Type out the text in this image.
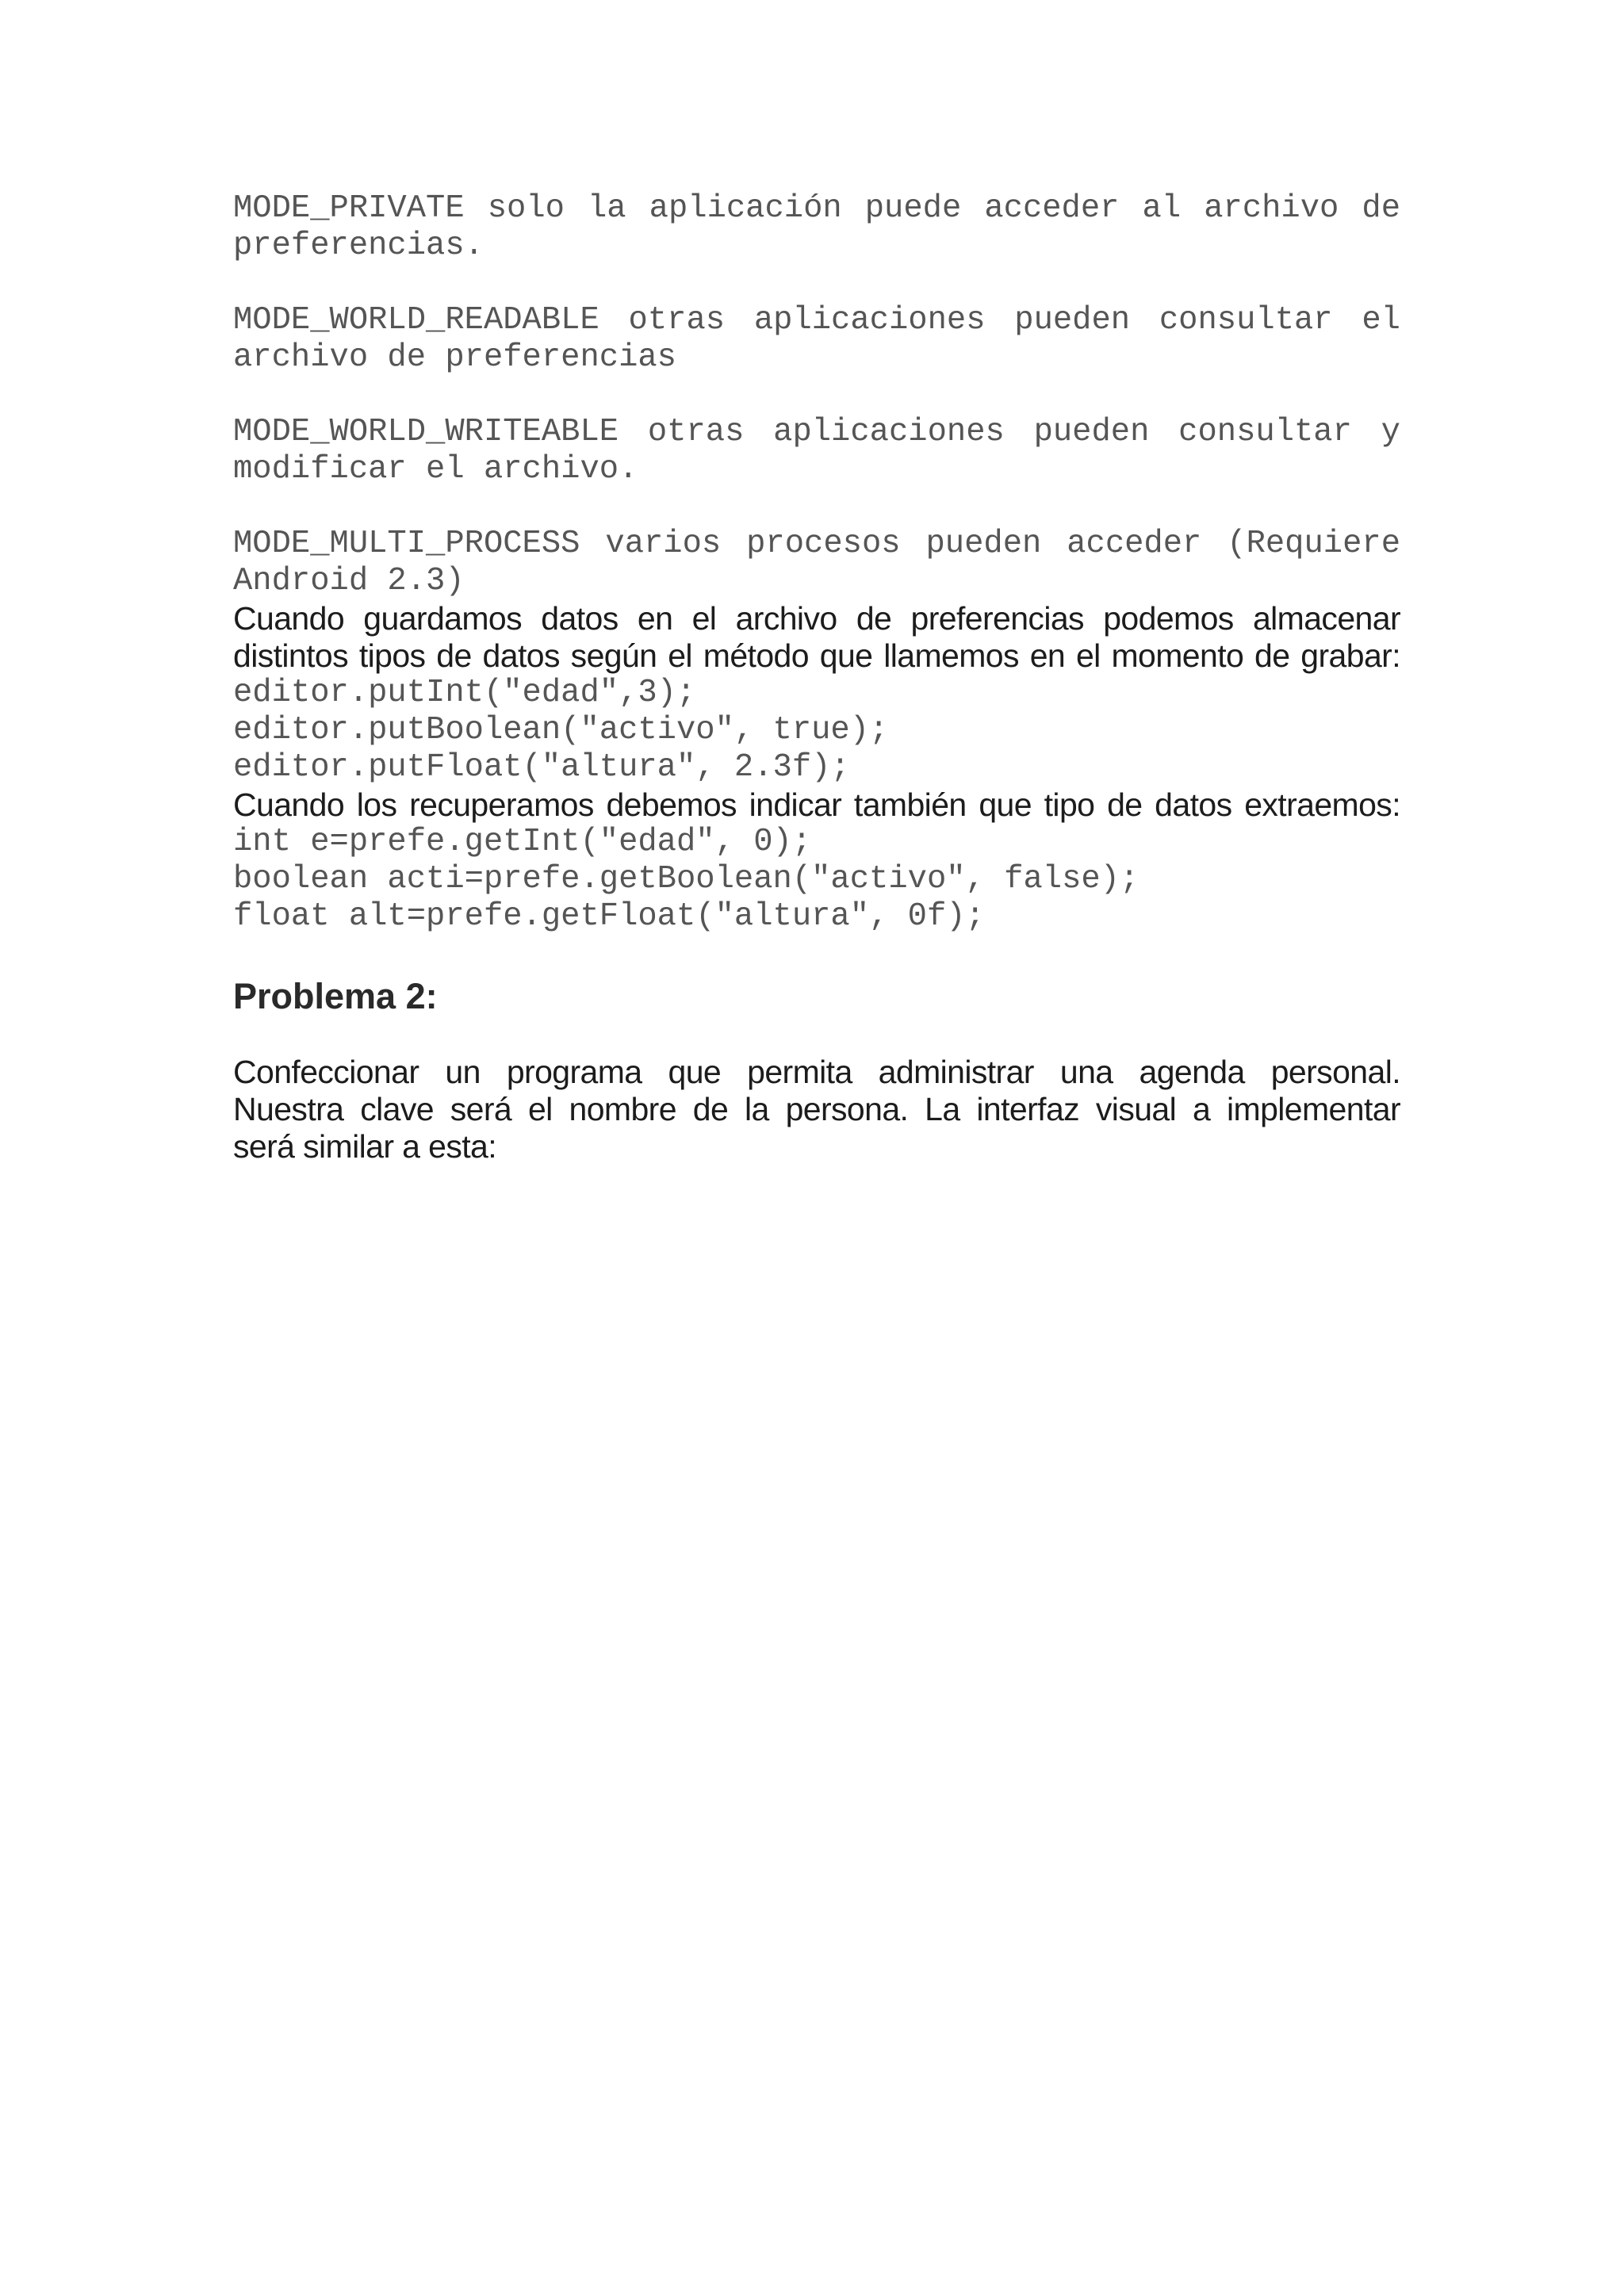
MODE_PRIVATE solo la aplicación puede acceder al archivo de
preferencias.
MODE_WORLD_READABLE otras aplicaciones pueden consultar el
archivo de preferencias
MODE_WORLD_WRITEABLE otras aplicaciones pueden consultar y
modificar el archivo.
MODE_MULTI_PROCESS varios procesos pueden acceder (Requiere
Android 2.3)
Cuando guardamos datos en el archivo de preferencias podemos almacenar
distintos tipos de datos según el método que llamemos en el momento de grabar:
editor.putInt("edad",3);
editor.putBoolean("activo", true);
editor.putFloat("altura", 2.3f);
Cuando los recuperamos debemos indicar también que tipo de datos extraemos:
int e=prefe.getInt("edad", 0);
boolean acti=prefe.getBoolean("activo", false);
float alt=prefe.getFloat("altura", 0f);
Problema 2:
Confeccionar un programa que permita administrar una agenda personal.
Nuestra clave será el nombre de la persona. La interfaz visual a implementar
será similar a esta:
